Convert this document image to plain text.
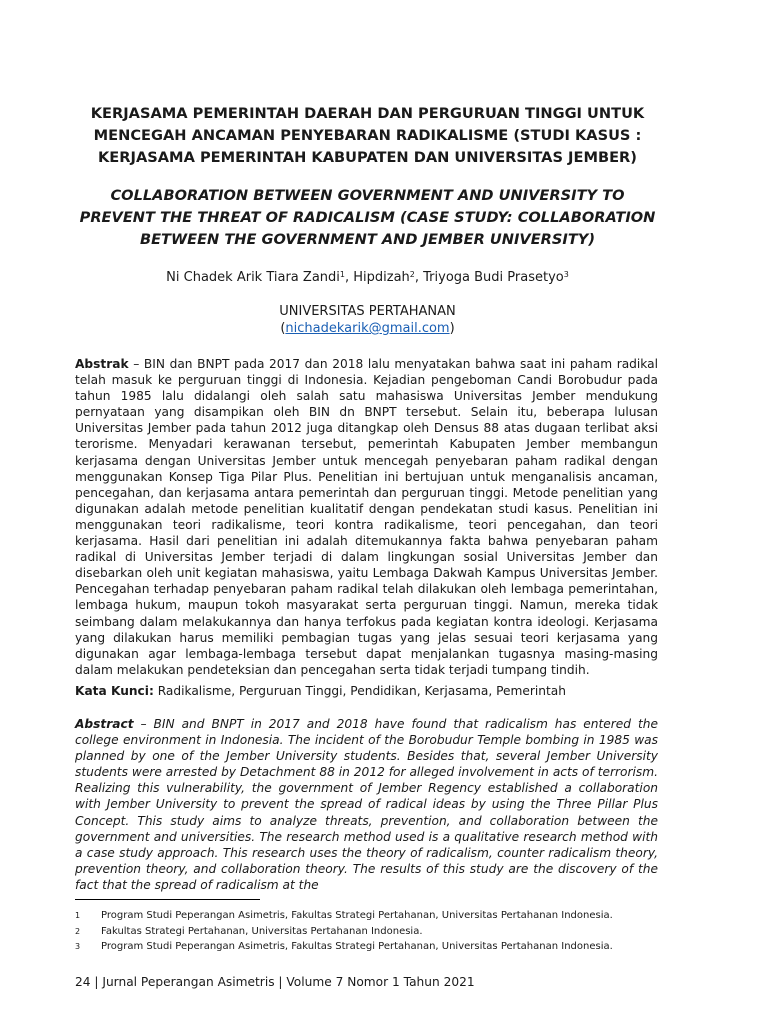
KERJASAMA PEMERINTAH DAERAH DAN PERGURUAN TINGGI UNTUK MENCEGAH ANCAMAN PENYEBARAN RADIKALISME (STUDI KASUS : KERJASAMA PEMERINTAH KABUPATEN DAN UNIVERSITAS JEMBER)
COLLABORATION BETWEEN GOVERNMENT AND UNIVERSITY TO PREVENT THE THREAT OF RADICALISM (CASE STUDY: COLLABORATION BETWEEN THE GOVERNMENT AND JEMBER UNIVERSITY)
Ni Chadek Arik Tiara Zandi$^1$, Hipdizah$^2$, Triyoga Budi Prasetyo$^3$
UNIVERSITAS PERTAHANAN
(nichadekarik@gmail.com)

Abstrak – BIN dan BNPT pada 2017 dan 2018 lalu menyatakan bahwa saat ini paham radikal telah masuk ke perguruan tinggi di Indonesia. Kejadian pengeboman Candi Borobudur pada tahun 1985 lalu didalangi oleh salah satu mahasiswa Universitas Jember mendukung pernyataan yang disampikan oleh BIN dn BNPT tersebut. Selain itu, beberapa lulusan Universitas Jember pada tahun 2012 juga ditangkap oleh Densus 88 atas dugaan terlibat aksi terorisme. Menyadari kerawanan tersebut, pemerintah Kabupaten Jember membangun kerjasama dengan Universitas Jember untuk mencegah penyebaran paham radikal dengan menggunakan Konsep Tiga Pilar Plus. Penelitian ini bertujuan untuk menganalisis ancaman, pencegahan, dan kerjasama antara pemerintah dan perguruan tinggi. Metode penelitian yang digunakan adalah metode penelitian kualitatif dengan pendekatan studi kasus. Penelitian ini menggunakan teori radikalisme, teori kontra radikalisme, teori pencegahan, dan teori kerjasama. Hasil dari penelitian ini adalah ditemukannya fakta bahwa penyebaran paham radikal di Universitas Jember terjadi di dalam lingkungan sosial Universitas Jember dan disebarkan oleh unit kegiatan mahasiswa, yaitu Lembaga Dakwah Kampus Universitas Jember. Pencegahan terhadap penyebaran paham radikal telah dilakukan oleh lembaga pemerintahan, lembaga hukum, maupun tokoh masyarakat serta perguruan tinggi. Namun, mereka tidak seimbang dalam melakukannya dan hanya terfokus pada kegiatan kontra ideologi. Kerjasama yang dilakukan harus memiliki pembagian tugas yang jelas sesuai teori kerjasama yang digunakan agar lembaga-lembaga tersebut dapat menjalankan tugasnya masing-masing dalam melakukan pendeteksian dan pencegahan serta tidak terjadi tumpang tindih.

Kata Kunci: Radikalisme, Perguruan Tinggi, Pendidikan, Kerjasama, Pemerintah

Abstract – BIN and BNPT in 2017 and 2018 have found that radicalism has entered the college environment in Indonesia. The incident of the Borobudur Temple bombing in 1985 was planned by one of the Jember University students. Besides that, several Jember University students were arrested by Detachment 88 in 2012 for alleged involvement in acts of terrorism. Realizing this vulnerability, the government of Jember Regency established a collaboration with Jember University to prevent the spread of radical ideas by using the Three Pillar Plus Concept. This study aims to analyze threats, prevention, and collaboration between the government and universities. The research method used is a qualitative research method with a case study approach. This research uses the theory of radicalism, counter radicalism theory, prevention theory, and collaboration theory. The results of this study are the discovery of the fact that the spread of radicalism at the

1 Program Studi Peperangan Asimetris, Fakultas Strategi Pertahanan, Universitas Pertahanan Indonesia.
2 Fakultas Strategi Pertahanan, Universitas Pertahanan Indonesia.
3 Program Studi Peperangan Asimetris, Fakultas Strategi Pertahanan, Universitas Pertahanan Indonesia.
24 | Jurnal Peperangan Asimetris | Volume 7 Nomor 1 Tahun 2021
